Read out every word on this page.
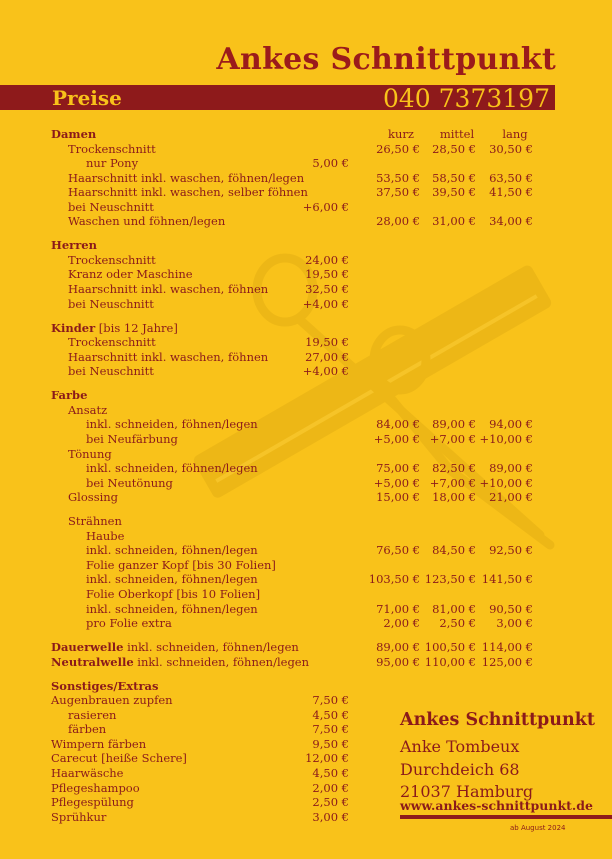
Ankes Schnittpunkt
Preise	040 7373197
Damen	kurz	mittel	lang
Trockenschnitt	26,50 €	28,50 €	30,50 €
nur Pony	5,00 €
Haarschnitt inkl. waschen, föhnen/legen	53,50 €	58,50 €	63,50 €
Haarschnitt inkl. waschen, selber föhnen	37,50 €	39,50 €	41,50 €
bei Neuschnitt	+6,00 €
Waschen und föhnen/legen	28,00 €	31,00 €	34,00 €
Herren
Trockenschnitt	24,00 €
Kranz oder Maschine	19,50 €
Haarschnitt inkl. waschen, föhnen	32,50 €
bei Neuschnitt	+4,00 €
Kinder [bis 12 Jahre]
Trockenschnitt	19,50 €
Haarschnitt inkl. waschen, föhnen	27,00 €
bei Neuschnitt	+4,00 €
Farbe
Ansatz
inkl. schneiden, föhnen/legen	84,00 €	89,00 €	94,00 €
bei Neufärbung	+5,00 € +7,00 € +10,00 €
Tönung
inkl. schneiden, föhnen/legen	75,00 €	82,50 €	89,00 €
bei Neutönung	+5,00 € +7,00 € +10,00 €
Glossing	15,00 €	18,00 €	21,00 €
Strähnen
Haube
inkl. schneiden, föhnen/legen	76,50 €	84,50 €	92,50 €
Folie ganzer Kopf [bis 30 Folien]
inkl. schneiden, föhnen/legen	103,50 € 123,50 € 141,50 €
Folie Oberkopf [bis 10 Folien]
inkl. schneiden, föhnen/legen	71,00 €	81,00 €	90,50 €
pro Folie extra	2,00 €	2,50 €	3,00 €
Dauerwelle inkl. schneiden, föhnen/legen	89,00 € 100,50 € 114,00 €
Neutralwelle inkl. schneiden, föhnen/legen	95,00 € 110,00 € 125,00 €
Sonstiges/Extras
Augenbrauen zupfen	7,50 €
rasieren	4,50 €
färben	7,50 €
Wimpern färben	9,50 €
Carecut [heiße Schere]	12,00 €
Haarwäsche	4,50 €
Pflegeshampoo	2,00 €
Pflegespülung	2,50 €
Sprühkur	3,00 €
Ankes Schnittpunkt
Anke Tombeux
Durchdeich 68
21037 Hamburg
www.ankes-schnittpunkt.de
ab August 2024
